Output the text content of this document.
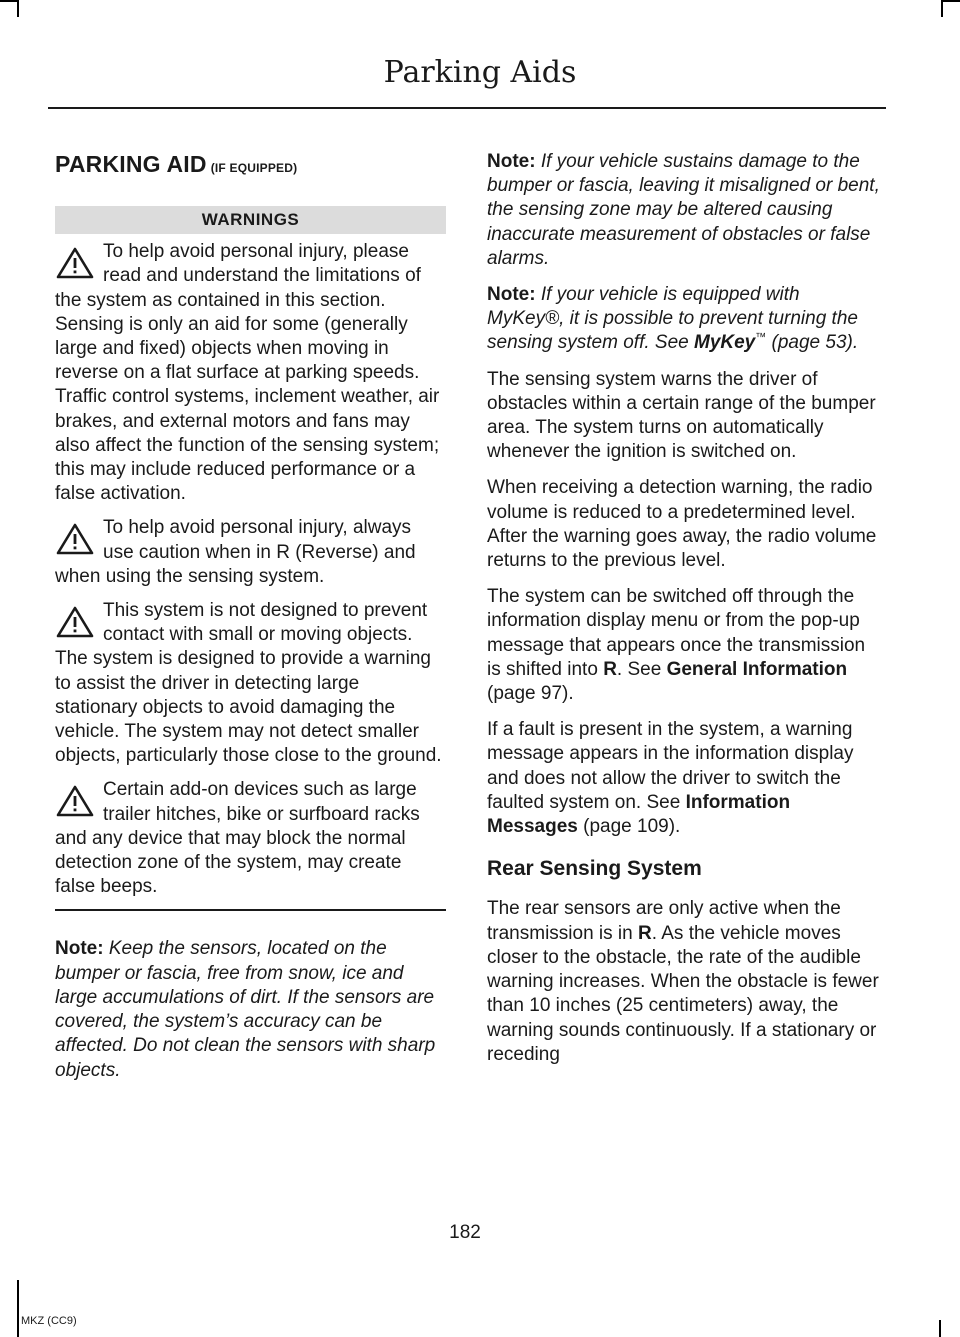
Parking Aids
PARKING AID (IF EQUIPPED)
WARNINGS
To help avoid personal injury, please read and understand the limitations of the system as contained in this section. Sensing is only an aid for some (generally large and fixed) objects when moving in reverse on a flat surface at parking speeds. Traffic control systems, inclement weather, air brakes, and external motors and fans may also affect the function of the sensing system; this may include reduced performance or a false activation.
To help avoid personal injury, always use caution when in R (Reverse) and when using the sensing system.
This system is not designed to prevent contact with small or moving objects. The system is designed to provide a warning to assist the driver in detecting large stationary objects to avoid damaging the vehicle. The system may not detect smaller objects, particularly those close to the ground.
Certain add-on devices such as large trailer hitches, bike or surfboard racks and any device that may block the normal detection zone of the system, may create false beeps.

Note: Keep the sensors, located on the bumper or fascia, free from snow, ice and large accumulations of dirt. If the sensors are covered, the system’s accuracy can be affected. Do not clean the sensors with sharp objects.

Note: If your vehicle sustains damage to the bumper or fascia, leaving it misaligned or bent, the sensing zone may be altered causing inaccurate measurement of obstacles or false alarms.

Note: If your vehicle is equipped with MyKey®, it is possible to prevent turning the sensing system off. See MyKey™ (page 53).

The sensing system warns the driver of obstacles within a certain range of the bumper area. The system turns on automatically whenever the ignition is switched on.

When receiving a detection warning, the radio volume is reduced to a predetermined level. After the warning goes away, the radio volume returns to the previous level.

The system can be switched off through the information display menu or from the pop-up message that appears once the transmission is shifted into R. See General Information (page 97).

If a fault is present in the system, a warning message appears in the information display and does not allow the driver to switch the faulted system on. See Information Messages (page 109).

Rear Sensing System

The rear sensors are only active when the transmission is in R. As the vehicle moves closer to the obstacle, the rate of the audible warning increases. When the obstacle is fewer than 10 inches (25 centimeters) away, the warning sounds continuously. If a stationary or receding

182
MKZ (CC9)
